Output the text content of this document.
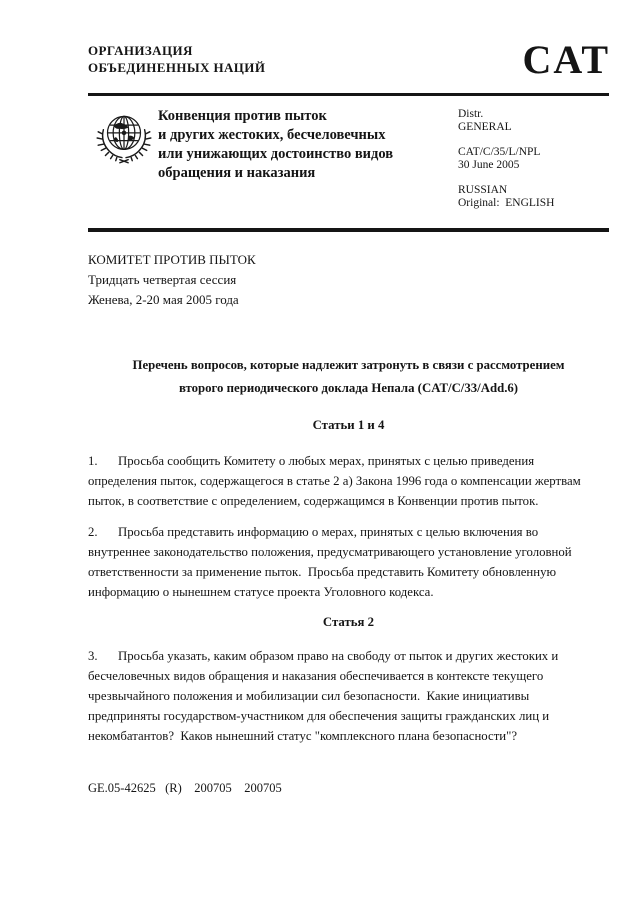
ОРГАНИЗАЦИЯ
ОБЪЕДИНЕННЫХ НАЦИЙ	CAT
Конвенция против пыток
и других жестоких, бесчеловечных
или унижающих достоинство видов
обращения и наказания
Distr.
GENERAL
CAT/C/35/L/NPL
30 June 2005
RUSSIAN
Original:  ENGLISH
КОМИТЕТ ПРОТИВ ПЫТОК
Тридцать четвертая сессия
Женева, 2-20 мая 2005 года
Перечень вопросов, которые надлежит затронуть в связи с рассмотрением
второго периодического доклада Непала (CAT/C/33/Add.6)
Статьи 1 и 4
1. Просьба сообщить Комитету о любых мерах, принятых с целью приведения
определения пыток, содержащегося в статье 2 а) Закона 1996 года о компенсации жертвам
пыток, в соответствие с определением, содержащимся в Конвенции против пыток.
2. Просьба представить информацию о мерах, принятых с целью включения во
внутреннее законодательство положения, предусматривающего установление уголовной
ответственности за применение пыток.  Просьба представить Комитету обновленную
информацию о нынешнем статусе проекта Уголовного кодекса.
Статья 2
3. Просьба указать, каким образом право на свободу от пыток и других жестоких и
бесчеловечных видов обращения и наказания обеспечивается в контексте текущего
чрезвычайного положения и мобилизации сил безопасности.  Какие инициативы
предприняты государством-участником для обеспечения защиты гражданских лиц и
некомбатантов?  Каков нынешний статус "комплексного плана безопасности"?
GE.05-42625   (R)    200705    200705
